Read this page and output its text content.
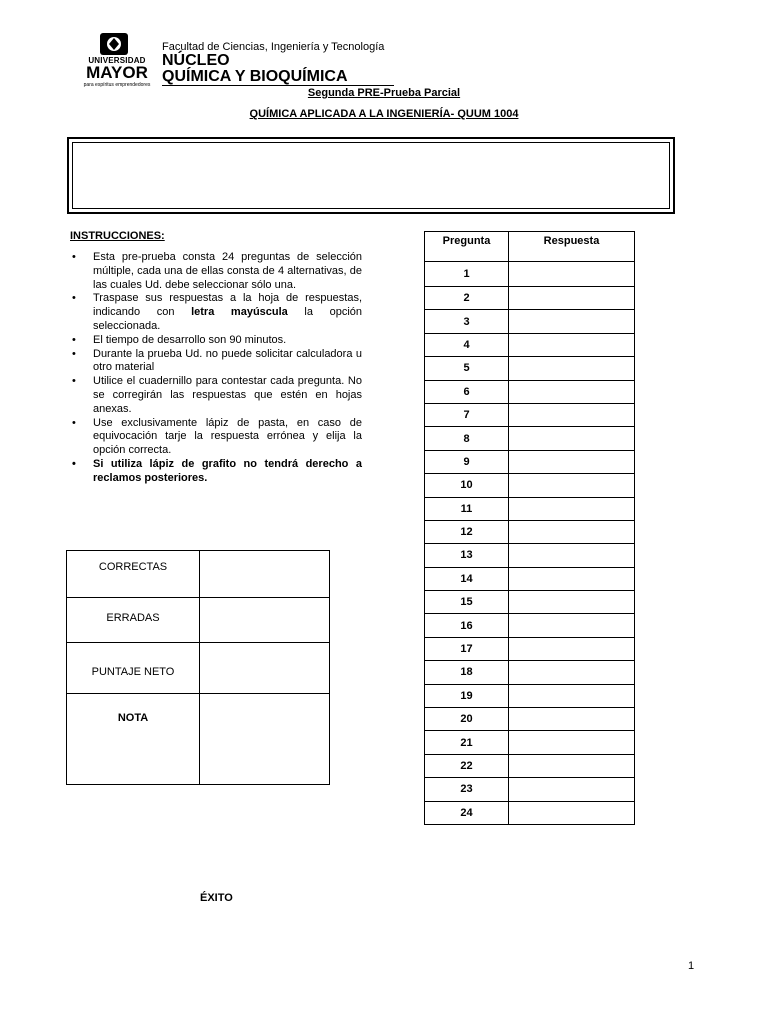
UNIVERSIDAD
MAYOR
para espíritus emprendedores
Facultad de Ciencias, Ingeniería y Tecnología
NÚCLEO
QUÍMICA Y BIOQUÍMICA
Segunda PRE-Prueba Parcial
QUÍMICA APLICADA A LA INGENIERÍA- QUUM 1004
INSTRUCCIONES:
• Esta pre-prueba consta 24 preguntas de selección múltiple, cada una de ellas consta de 4 alternativas, de las cuales Ud. debe seleccionar sólo una.
• Traspase sus respuestas a la hoja de respuestas, indicando con letra mayúscula la opción seleccionada.
• El tiempo de desarrollo son 90 minutos.
• Durante la prueba Ud. no puede solicitar calculadora u otro material
• Utilice el cuadernillo para contestar cada pregunta. No se corregirán las respuestas que estén en hojas anexas.
• Use exclusivamente lápiz de pasta, en caso de equivocación tarje la respuesta errónea y elija la opción correcta.
• Si utiliza lápiz de grafito no tendrá derecho a reclamos posteriores.
CORRECTAS	

ERRADAS	

PUNTAJE NETO	

NOTA	

Pregunta	Respuesta
1	
2	
3	
4	
5	
6	
7	
8	
9	
10	
11	
12	
13	
14	
15	
16	
17	
18	
19	
20	
21	
22	
23	
24	
ÉXITO
1
